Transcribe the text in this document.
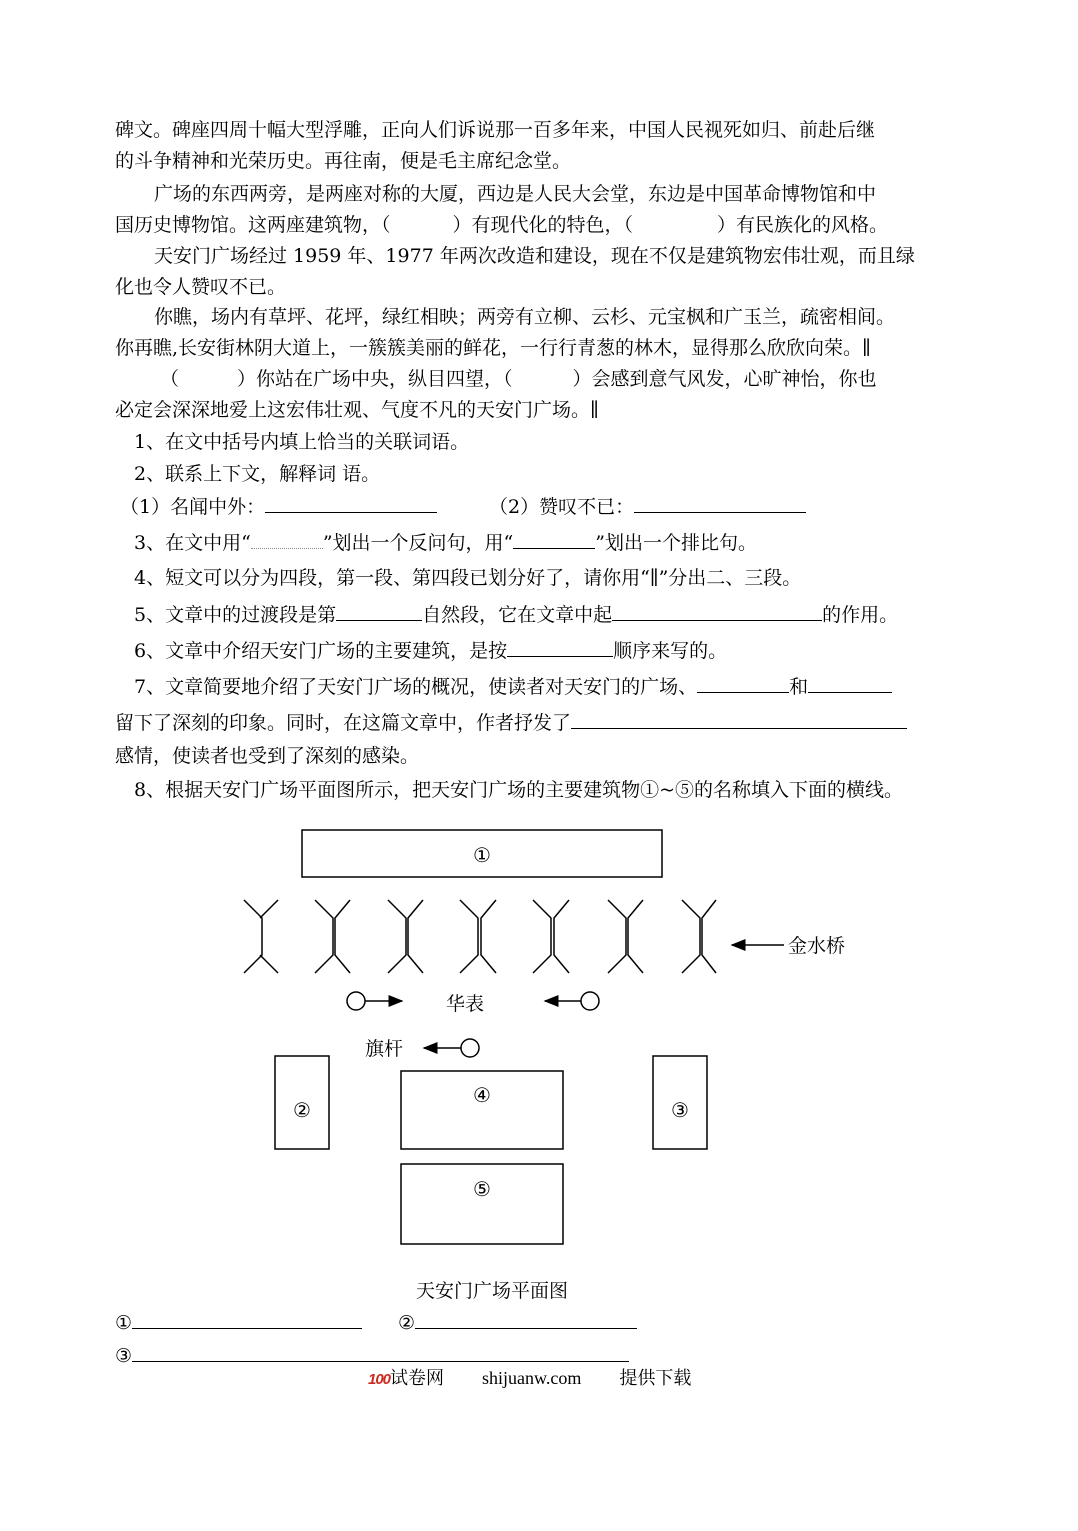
碑文。碑座四周十幅大型浮雕，正向人们诉说那一百多年来，中国人民视死如归、前赴后继
的斗争精神和光荣历史。再往南，便是毛主席纪念堂。
广场的东西两旁，是两座对称的大厦，西边是人民大会堂，东边是中国革命博物馆和中
国历史博物馆。这两座建筑物，（	）有现代化的特色，（	）有民族化的风格。
天安门广场经过 1959 年、1977 年两次改造和建设，现在不仅是建筑物宏伟壮观，而且绿
化也令人赞叹不已。
你瞧，场内有草坪、花坪，绿红相映；两旁有立柳、云杉、元宝枫和广玉兰，疏密相间。
你再瞧,长安街林阴大道上，一簇簇美丽的鲜花，一行行青葱的林木，显得那么欣欣向荣。∥
（	）你站在广场中央，纵目四望，（	）会感到意气风发，心旷神怡，你也
必定会深深地爱上这宏伟壮观、气度不凡的天安门广场。∥
1、在文中括号内填上恰当的关联词语。
2、联系上下文，解释词 语。
（1）名闻中外：	（2）赞叹不已：
3、在文中用“	”划出一个反问句，用“	”划出一个排比句。
4、短文可以分为四段，第一段、第四段已划分好了，请你用“∥”分出二、三段。
5、文章中的过渡段是第	自然段，它在文章中起	的作用。
6、文章中介绍天安门广场的主要建筑，是按	顺序来写的。
7、文章简要地介绍了天安门广场的概况，使读者对天安门的广场、	和
留下了深刻的印象。同时，在这篇文章中，作者抒发了
感情，使读者也受到了深刻的感染。
8、根据天安门广场平面图所示，把天安门广场的主要建筑物①~⑤的名称填入下面的横线。
①
金水桥
华表
旗杆
②
④
③
⑤
天安门广场平面图
①	②
③
100试卷网 shijuanw.com 提供下载
